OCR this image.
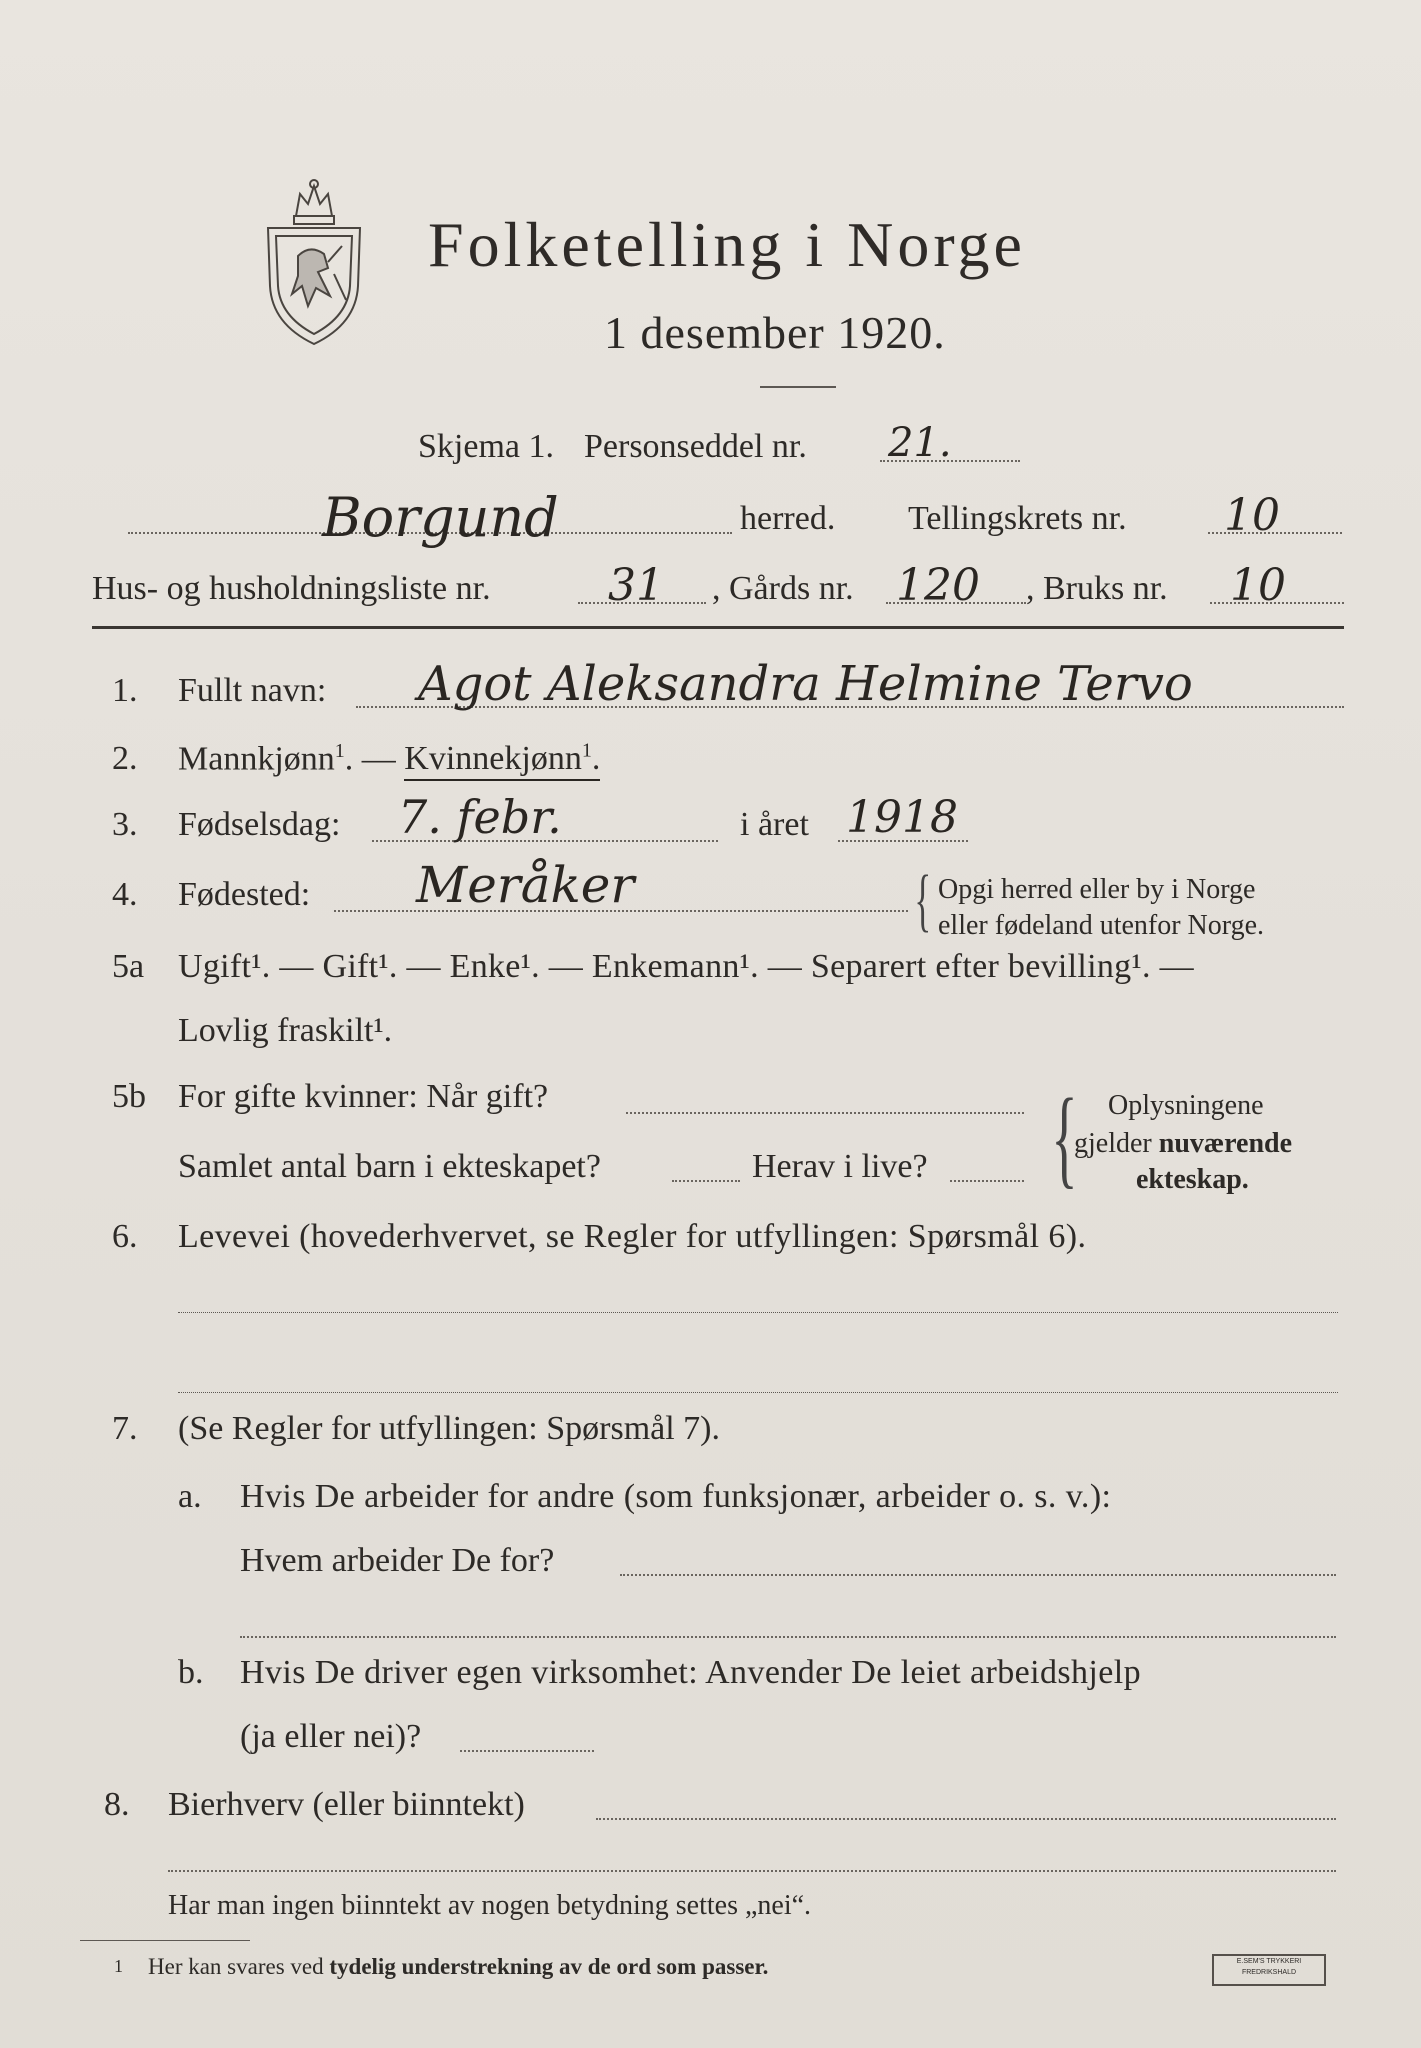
Folketelling i Norge
1 desember 1920.
Skjema 1. Personseddel nr. 21.
Borgund	herred. Tellingskrets nr. 10
Hus- og husholdningsliste nr.	31 , Gårds nr. 120 , Bruks nr. 10
1. Fullt navn: Agot Aleksandra Helmine Tervo
2. Mannkjønn$^1$. — Kvinnekjønn$^1$.
3. Fødselsdag: 7. febr.	i året 1918
4. Fødested: Meråker	{ Opgi herred eller by i Norge
eller fødeland utenfor Norge.
5a Ugift¹. — Gift¹. — Enke¹. — Enkemann¹. — Separert efter bevilling¹. —
Lovlig fraskilt¹.
5b For gifte kvinner: Når gift?
Samlet antal barn i ekteskapet?	Herav i live? { Oplysningene
gjelder nuværende
ekteskap.
6. Levevei (hovederhvervet, se Regler for utfyllingen: Spørsmål 6).
7. (Se Regler for utfyllingen: Spørsmål 7).
a. Hvis De arbeider for andre (som funksjonær, arbeider o. s. v.):
Hvem arbeider De for?
b. Hvis De driver egen virksomhet: Anvender De leiet arbeidshjelp
(ja eller nei)?
8. Bierhverv (eller biinntekt)
Har man ingen biinntekt av nogen betydning settes „nei“.
1 Her kan svares ved tydelig understrekning av de ord som passer.	E.SEM'S TRYKKERI
FREDRIKSHALD
